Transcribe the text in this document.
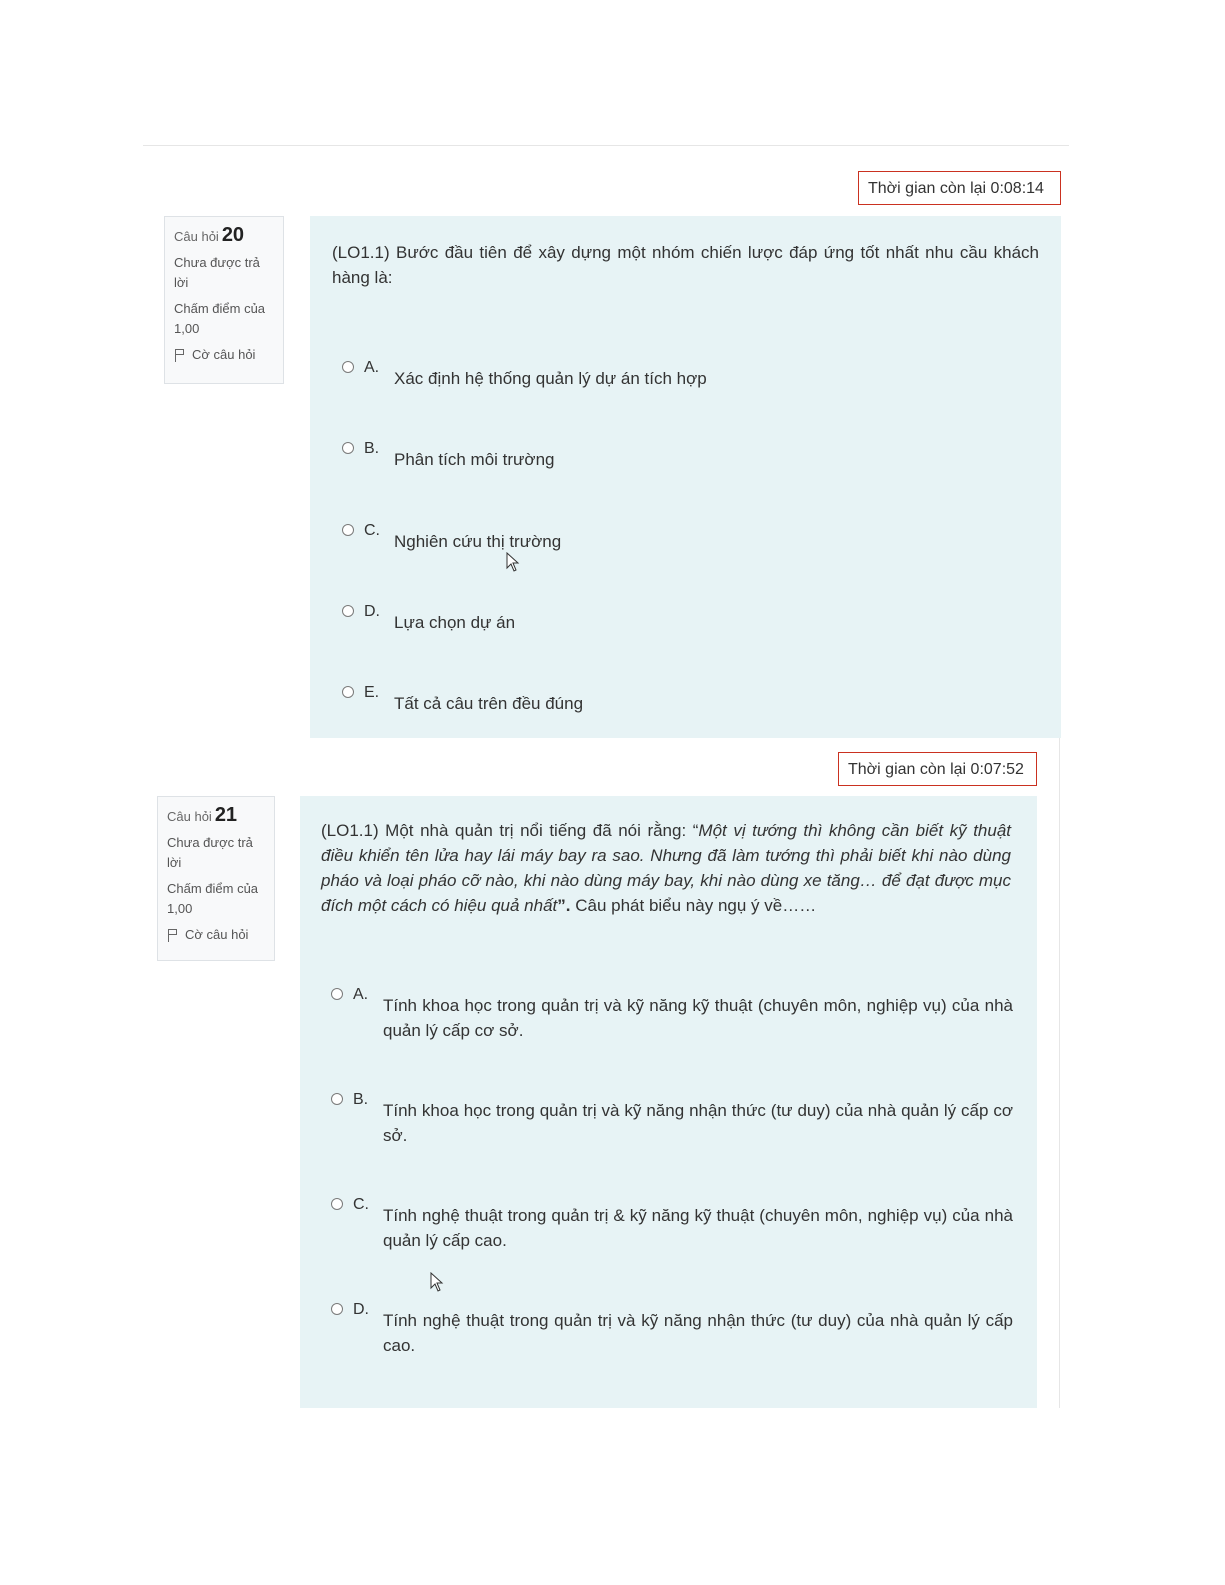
Thời gian còn lại 0:08:14
Câu hỏi 20
Chưa được trả lời
Chấm điểm của 1,00
Cờ câu hỏi
(LO1.1) Bước đầu tiên để xây dựng một nhóm chiến lược đáp ứng tốt nhất nhu cầu khách hàng là:
A.
Xác định hệ thống quản lý dự án tích hợp
B.
Phân tích môi trường
C.
Nghiên cứu thị trường
D.
Lựa chọn dự án
E.
Tất cả câu trên đều đúng
Thời gian còn lại 0:07:52
Câu hỏi 21
Chưa được trả lời
Chấm điểm của 1,00
Cờ câu hỏi
(LO1.1) Một nhà quản trị nổi tiếng đã nói rằng: “Một vị tướng thì không cần biết kỹ thuật điều khiển tên lửa hay lái máy bay ra sao. Nhưng đã làm tướng thì phải biết khi nào dùng pháo và loại pháo cỡ nào, khi nào dùng máy bay, khi nào dùng xe tăng… để đạt được mục đích một cách có hiệu quả nhất”. Câu phát biểu này ngụ ý về……
A.
Tính khoa học trong quản trị và kỹ năng kỹ thuật (chuyên môn, nghiệp vụ) của nhà quản lý cấp cơ sở.
B.
Tính khoa học trong quản trị và kỹ năng nhận thức (tư duy) của nhà quản lý cấp cơ sở.
C.
Tính nghệ thuật trong quản trị & kỹ năng kỹ thuật (chuyên môn, nghiệp vụ) của nhà quản lý cấp cao.
D.
Tính nghệ thuật trong quản trị và kỹ năng nhận thức (tư duy) của nhà quản lý cấp cao.
